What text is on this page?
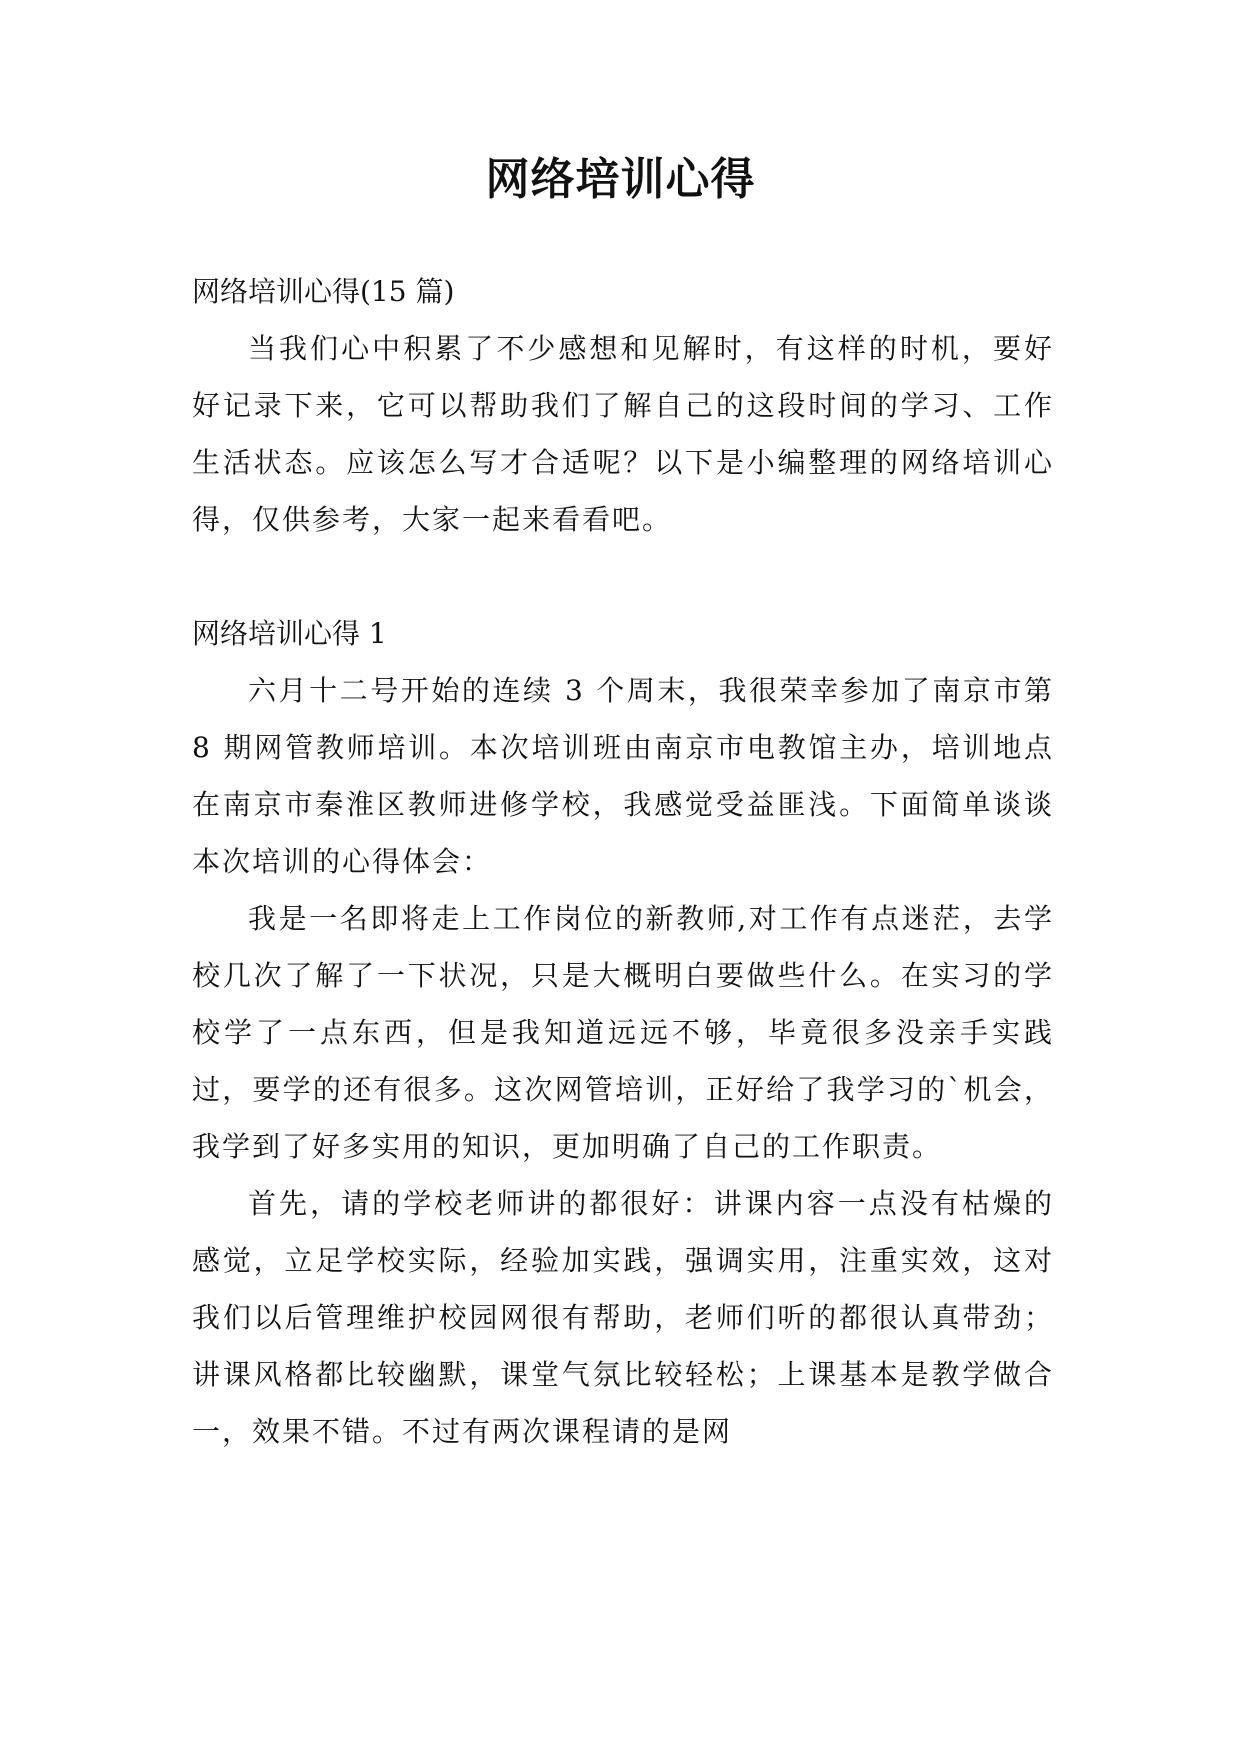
网络培训心得

网络培训心得(15 篇)

当我们心中积累了不少感想和见解时，有这样的时机，要好好记录下来，它可以帮助我们了解自己的这段时间的学习、工作生活状态。应该怎么写才合适呢？以下是小编整理的网络培训心得，仅供参考，大家一起来看看吧。

网络培训心得 1

六月十二号开始的连续 3 个周末，我很荣幸参加了南京市第 8 期网管教师培训。本次培训班由南京市电教馆主办，培训地点在南京市秦淮区教师进修学校，我感觉受益匪浅。下面简单谈谈本次培训的心得体会：

我是一名即将走上工作岗位的新教师,对工作有点迷茫，去学校几次了解了一下状况，只是大概明白要做些什么。在实习的学校学了一点东西，但是我知道远远不够，毕竟很多没亲手实践过，要学的还有很多。这次网管培训，正好给了我学习的`机会，我学到了好多实用的知识，更加明确了自己的工作职责。

首先，请的学校老师讲的都很好：讲课内容一点没有枯燥的感觉，立足学校实际，经验加实践，强调实用，注重实效，这对我们以后管理维护校园网很有帮助，老师们听的都很认真带劲；讲课风格都比较幽默，课堂气氛比较轻松；上课基本是教学做合一，效果不错。不过有两次课程请的是网
